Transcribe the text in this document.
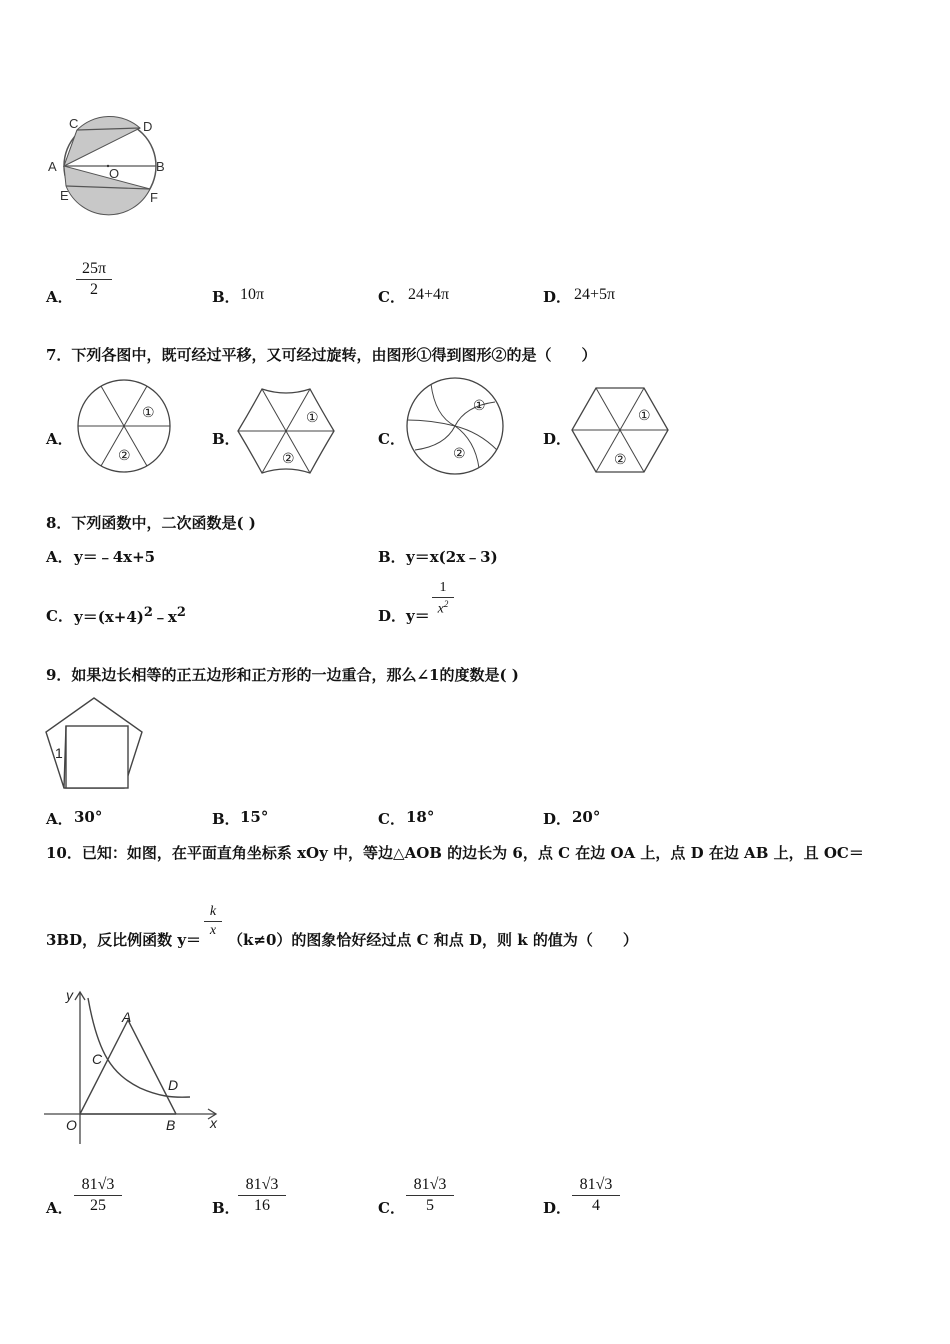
C	D
A	O	B
E	F
A．
25π
2	B． 10π	C． 24+4π	D． 24+5π
7．下列各图中，既可经过平移，又可经过旋转，由图形①得到图形②的是（　　）
A．
①
②
B．
①
②
C．
①
②
D．
①
②
8．下列函数中，二次函数是( )
A． y＝﹣4x+5	B． y＝x(2x﹣3)
C． $y=(x+4)^2﹣x^2$	D． y＝
1
$x^2$
9．如果边长相等的正五边形和正方形的一边重合，那么∠1的度数是( )
1
A． 30°	B． 15°	C． 18°	D． 20°
10．已知：如图，在平面直角坐标系 xOy 中，等边△AOB 的边长为 6，点 C 在边 OA 上，点 D 在边 AB 上，且 OC＝
3BD，反比例函数 y＝
k
x
（k≠0）的图象恰好经过点 C 和点 D，则 k 的值为（　　）
y
A
C
D
O	B x
A．
81√3
25	B．
81√3
16	C．
81√3
5	D．
81√3
4
